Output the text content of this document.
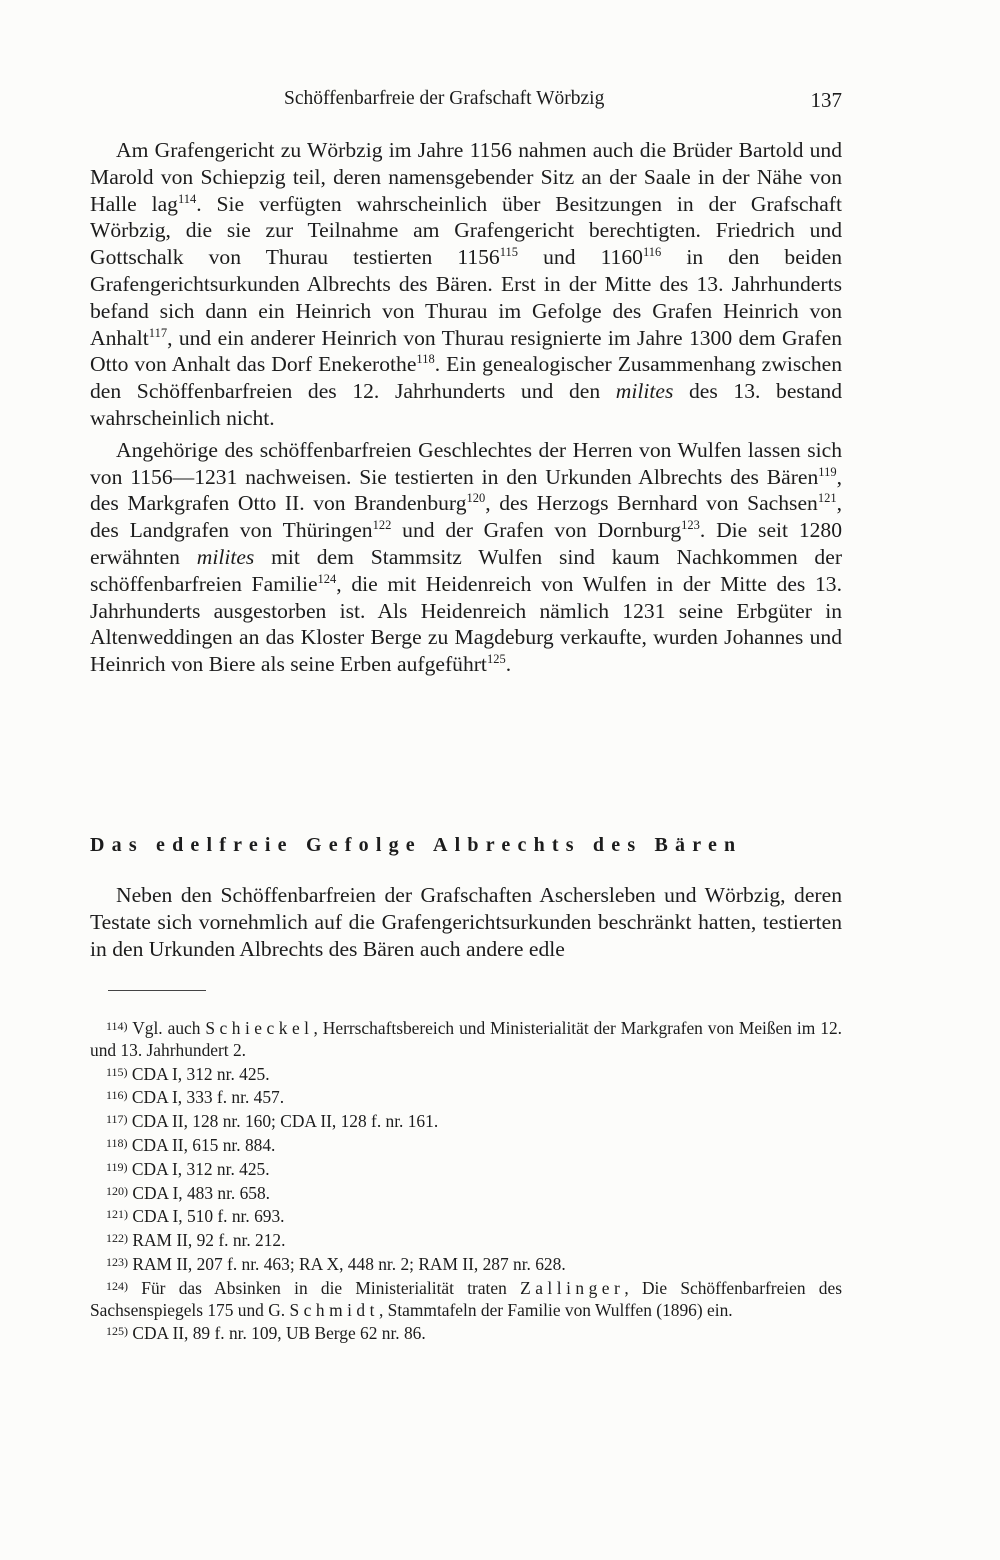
Schöffenbarfreie der Grafschaft Wörbzig	137

Am Grafengericht zu Wörbzig im Jahre 1156 nahmen auch die Brüder Bartold und Marold von Schiepzig teil, deren namensgebender Sitz an der Saale in der Nähe von Halle lag$^{114}$. Sie verfügten wahrscheinlich über Besitzungen in der Grafschaft Wörbzig, die sie zur Teilnahme am Grafengericht berechtigten. Friedrich und Gottschalk von Thurau testierten 1156$^{115}$ und 1160$^{116}$ in den beiden Grafengerichtsurkunden Albrechts des Bären. Erst in der Mitte des 13. Jahrhunderts befand sich dann ein Heinrich von Thurau im Gefolge des Grafen Heinrich von Anhalt$^{117}$, und ein anderer Heinrich von Thurau resignierte im Jahre 1300 dem Grafen Otto von Anhalt das Dorf Enekerothe$^{118}$. Ein genealogischer Zusammenhang zwischen den Schöffenbarfreien des 12. Jahrhunderts und den milites des 13. bestand wahrscheinlich nicht.

Angehörige des schöffenbarfreien Geschlechtes der Herren von Wulfen lassen sich von 1156—1231 nachweisen. Sie testierten in den Urkunden Albrechts des Bären$^{119}$, des Markgrafen Otto II. von Brandenburg$^{120}$, des Herzogs Bernhard von Sachsen$^{121}$, des Landgrafen von Thüringen$^{122}$ und der Grafen von Dornburg$^{123}$. Die seit 1280 erwähnten milites mit dem Stammsitz Wulfen sind kaum Nachkommen der schöffenbarfreien Familie$^{124}$, die mit Heidenreich von Wulfen in der Mitte des 13. Jahrhunderts ausgestorben ist. Als Heidenreich nämlich 1231 seine Erbgüter in Altenweddingen an das Kloster Berge zu Magdeburg verkaufte, wurden Johannes und Heinrich von Biere als seine Erben aufgeführt$^{125}$.

Das edelfreie Gefolge Albrechts des Bären

Neben den Schöffenbarfreien der Grafschaften Aschersleben und Wörbzig, deren Testate sich vornehmlich auf die Grafengerichtsurkunden beschränkt hatten, testierten in den Urkunden Albrechts des Bären auch andere edle

$^{114)}$ Vgl. auch Schieckel, Herrschaftsbereich und Ministerialität der Markgrafen von Meißen im 12. und 13. Jahrhundert 2.

$^{115)}$ CDA I, 312 nr. 425.

$^{116)}$ CDA I, 333 f. nr. 457.

$^{117)}$ CDA II, 128 nr. 160; CDA II, 128 f. nr. 161.

$^{118)}$ CDA II, 615 nr. 884.

$^{119)}$ CDA I, 312 nr. 425.

$^{120)}$ CDA I, 483 nr. 658.

$^{121)}$ CDA I, 510 f. nr. 693.

$^{122)}$ RAM II, 92 f. nr. 212.

$^{123)}$ RAM II, 207 f. nr. 463; RA X, 448 nr. 2; RAM II, 287 nr. 628.

$^{124)}$ Für das Absinken in die Ministerialität traten Zallinger, Die Schöffenbarfreien des Sachsenspiegels 175 und G. Schmidt, Stammtafeln der Familie von Wulffen (1896) ein.

$^{125)}$ CDA II, 89 f. nr. 109, UB Berge 62 nr. 86.
